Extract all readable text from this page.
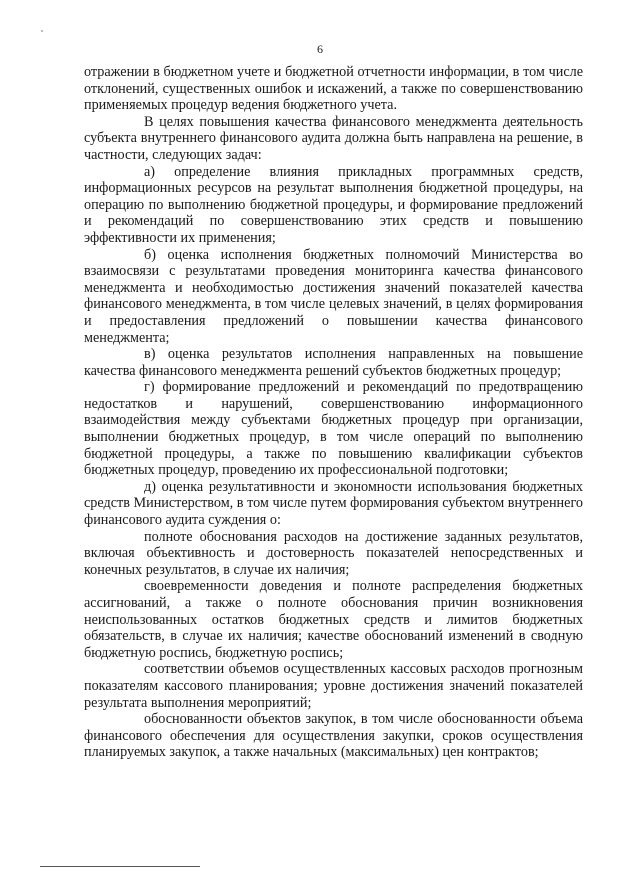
6

отражении в бюджетном учете и бюджетной отчетности информации, в том числе отклонений, существенных ошибок и искажений, а также по совершенствованию применяемых процедур ведения бюджетного учета.

В целях повышения качества финансового менеджмента деятельность субъекта внутреннего финансового аудита должна быть направлена на решение, в частности, следующих задач:

а) определение влияния прикладных программных средств, информационных ресурсов на результат выполнения бюджетной процедуры, на операцию по выполнению бюджетной процедуры, и формирование предложений и рекомендаций по совершенствованию этих средств и повышению эффективности их применения;

б) оценка исполнения бюджетных полномочий Министерства во взаимосвязи с результатами проведения мониторинга качества финансового менеджмента и необходимостью достижения значений показателей качества финансового менеджмента, в том числе целевых значений, в целях формирования и предоставления предложений о повышении качества финансового менеджмента;

в) оценка результатов исполнения направленных на повышение качества финансового менеджмента решений субъектов бюджетных процедур;

г) формирование предложений и рекомендаций по предотвращению недостатков и нарушений, совершенствованию информационного взаимодействия между субъектами бюджетных процедур при организации, выполнении бюджетных процедур, в том числе операций по выполнению бюджетной процедуры, а также по повышению квалификации субъектов бюджетных процедур, проведению их профессиональной подготовки;

д) оценка результативности и экономности использования бюджетных средств Министерством, в том числе путем формирования субъектом внутреннего финансового аудита суждения о:

полноте обоснования расходов на достижение заданных результатов, включая объективность и достоверность показателей непосредственных и конечных результатов, в случае их наличия;

своевременности доведения и полноте распределения бюджетных ассигнований, а также о полноте обоснования причин возникновения неиспользованных остатков бюджетных средств и лимитов бюджетных обязательств, в случае их наличия; качестве обоснований изменений в сводную бюджетную роспись, бюджетную роспись;

соответствии объемов осуществленных кассовых расходов прогнозным показателям кассового планирования; уровне достижения значений показателей результата выполнения мероприятий;

обоснованности объектов закупок, в том числе обоснованности объема финансового обеспечения для осуществления закупки, сроков осуществления планируемых закупок, а также начальных (максимальных) цен контрактов;
